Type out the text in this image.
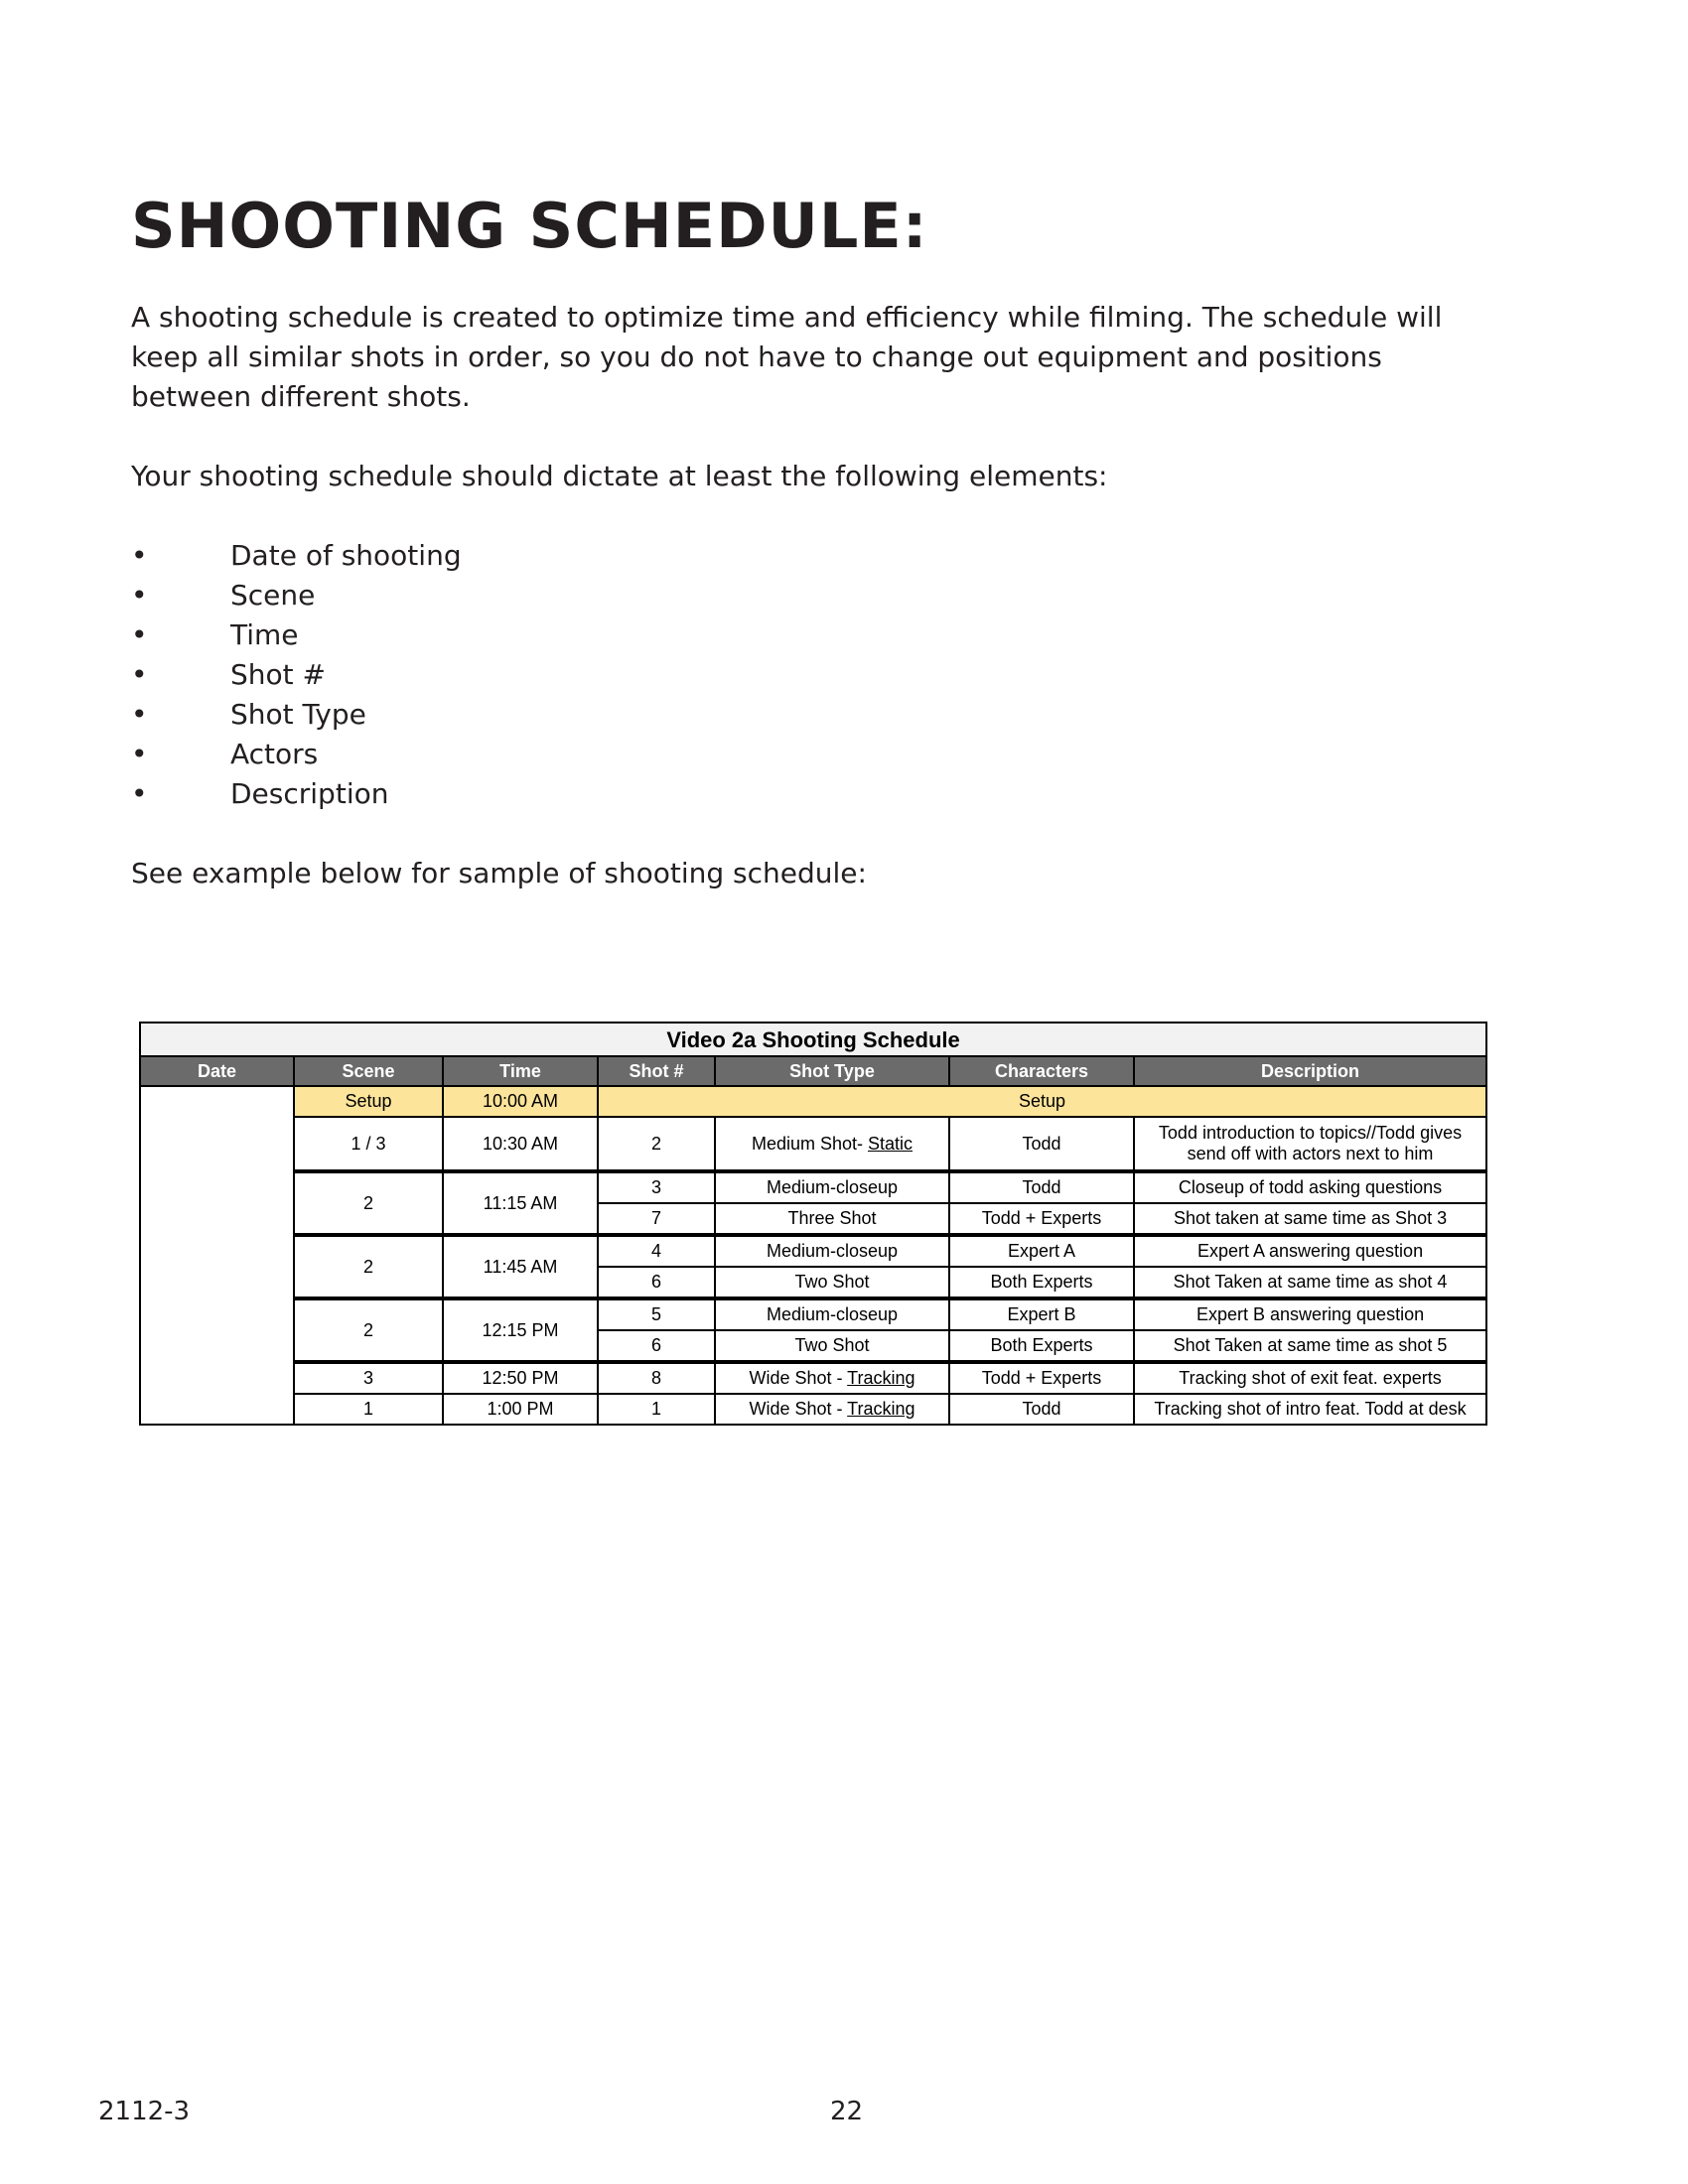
SHOOTING SCHEDULE:

A shooting schedule is created to optimize time and efficiency while filming. The schedule will keep all similar shots in order, so you do not have to change out equipment and positions between different shots.

Your shooting schedule should dictate at least the following elements:

•	Date of shooting
•	Scene
•	Time
•	Shot #
•	Shot Type
•	Actors
•	Description

See example below for sample of shooting schedule:

Video 2a Shooting Schedule						
Date	Scene	Time	Shot #	Shot Type	Characters	Description
	Setup	10:00 AM	Setup			
	1 / 3	10:30 AM	2	Medium Shot- Static	Todd	Todd introduction to topics//Todd gives send off with actors next to him
	2	11:15 AM	3	Medium-closeup	Todd	Closeup of todd asking questions
			7	Three Shot	Todd + Experts	Shot taken at same time as Shot 3
	2	11:45 AM	4	Medium-closeup	Expert A	Expert A answering question
			6	Two Shot	Both Experts	Shot Taken at same time as shot 4
	2	12:15 PM	5	Medium-closeup	Expert B	Expert B answering question
			6	Two Shot	Both Experts	Shot Taken at same time as shot 5
	3	12:50 PM	8	Wide Shot - Tracking	Todd + Experts	Tracking shot of exit feat. experts
	1	1:00 PM	1	Wide Shot - Tracking	Todd	Tracking shot of intro feat. Todd at desk
2112-3	22
